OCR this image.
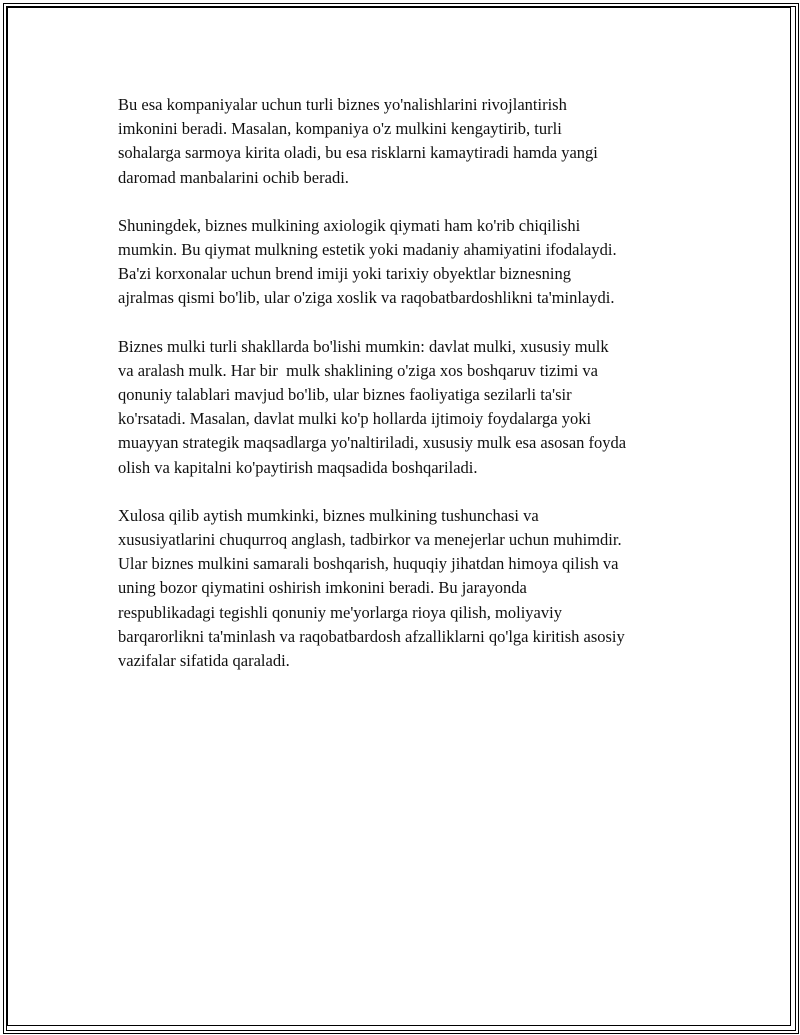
Bu esa kompaniyalar uchun turli biznes yo'nalishlarini rivojlantirish
imkonini beradi. Masalan, kompaniya o'z mulkini kengaytirib, turli
sohalarga sarmoya kirita oladi, bu esa risklarni kamaytiradi hamda yangi
daromad manbalarini ochib beradi.

Shuningdek, biznes mulkining axiologik qiymati ham ko'rib chiqilishi
mumkin. Bu qiymat mulkning estetik yoki madaniy ahamiyatini ifodalaydi.
Ba'zi korxonalar uchun brend imiji yoki tarixiy obyektlar biznesning
ajralmas qismi bo'lib, ular o'ziga xoslik va raqobatbardoshlikni ta'minlaydi.

Biznes mulki turli shakllarda bo'lishi mumkin: davlat mulki, xususiy mulk
va aralash mulk. Har bir  mulk shaklining o'ziga xos boshqaruv tizimi va
qonuniy talablari mavjud bo'lib, ular biznes faoliyatiga sezilarli ta'sir
ko'rsatadi. Masalan, davlat mulki ko'p hollarda ijtimoiy foydalarga yoki
muayyan strategik maqsadlarga yo'naltiriladi, xususiy mulk esa asosan foyda
olish va kapitalni ko'paytirish maqsadida boshqariladi.

Xulosa qilib aytish mumkinki, biznes mulkining tushunchasi va
xususiyatlarini chuqurroq anglash, tadbirkor va menejerlar uchun muhimdir.
Ular biznes mulkini samarali boshqarish, huquqiy jihatdan himoya qilish va
uning bozor qiymatini oshirish imkonini beradi. Bu jarayonda
respublikadagi tegishli qonuniy me'yorlarga rioya qilish, moliyaviy
barqarorlikni ta'minlash va raqobatbardosh afzalliklarni qo'lga kiritish asosiy
vazifalar sifatida qaraladi.
